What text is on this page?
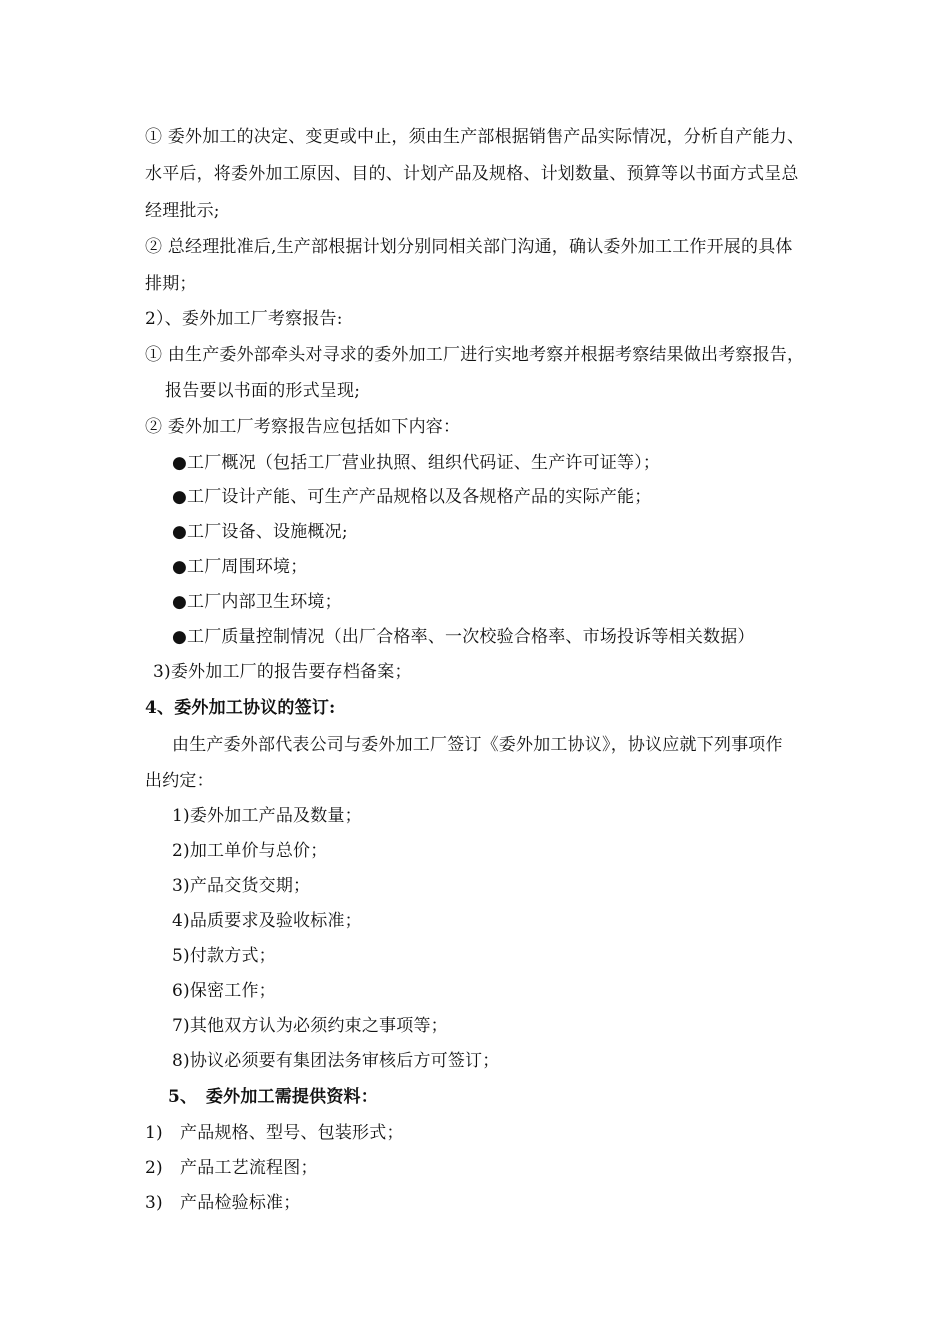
① 委外加工的决定、变更或中止，须由生产部根据销售产品实际情况，分析自产能力、
水平后，将委外加工原因、目的、计划产品及规格、计划数量、预算等以书面方式呈总
经理批示;
② 总经理批准后,生产部根据计划分别同相关部门沟通，确认委外加工工作开展的具体
排期；
2）、委外加工厂考察报告:
① 由生产委外部牵头对寻求的委外加工厂进行实地考察并根据考察结果做出考察报告，
报告要以书面的形式呈现;
② 委外加工厂考察报告应包括如下内容：
●工厂概况（包括工厂营业执照、组织代码证、生产许可证等）；
●工厂设计产能、可生产产品规格以及各规格产品的实际产能；
●工厂设备、设施概况;
●工厂周围环境；
●工厂内部卫生环境；
●工厂质量控制情况（出厂合格率、一次校验合格率、市场投诉等相关数据）
3)委外加工厂的报告要存档备案；
4、委外加工协议的签订:
由生产委外部代表公司与委外加工厂签订《委外加工协议》，协议应就下列事项作
出约定：
1)委外加工产品及数量；
2)加工单价与总价；
3)产品交货交期；
4)品质要求及验收标准；
5)付款方式；
6)保密工作；
7)其他双方认为必须约束之事项等；
8)协议必须要有集团法务审核后方可签订；
5、　委外加工需提供资料：
1)　产品规格、型号、包装形式；
2)　产品工艺流程图；
3)　产品检验标准；
